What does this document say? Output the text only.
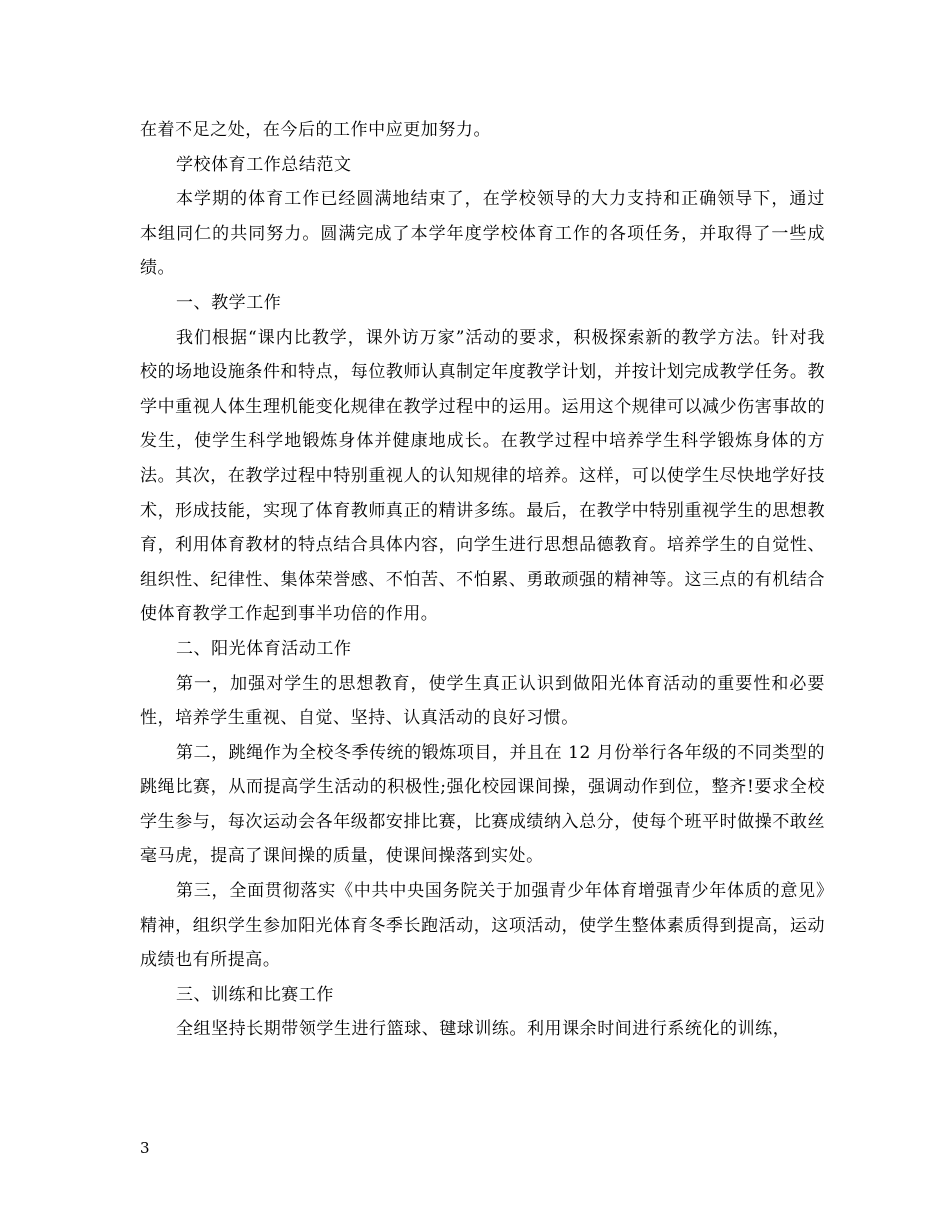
在着不足之处，在今后的工作中应更加努力。

学校体育工作总结范文

本学期的体育工作已经圆满地结束了，在学校领导的大力支持和正确领导下，通过本组同仁的共同努力。圆满完成了本学年度学校体育工作的各项任务，并取得了一些成绩。

一、教学工作

我们根据“课内比教学，课外访万家”活动的要求，积极探索新的教学方法。针对我校的场地设施条件和特点，每位教师认真制定年度教学计划，并按计划完成教学任务。教学中重视人体生理机能变化规律在教学过程中的运用。运用这个规律可以减少伤害事故的发生，使学生科学地锻炼身体并健康地成长。在教学过程中培养学生科学锻炼身体的方法。其次，在教学过程中特别重视人的认知规律的培养。这样，可以使学生尽快地学好技术，形成技能，实现了体育教师真正的精讲多练。最后，在教学中特别重视学生的思想教育，利用体育教材的特点结合具体内容，向学生进行思想品德教育。培养学生的自觉性、组织性、纪律性、集体荣誉感、不怕苦、不怕累、勇敢顽强的精神等。这三点的有机结合使体育教学工作起到事半功倍的作用。

二、阳光体育活动工作

第一，加强对学生的思想教育，使学生真正认识到做阳光体育活动的重要性和必要性，培养学生重视、自觉、坚持、认真活动的良好习惯。

第二，跳绳作为全校冬季传统的锻炼项目，并且在 12 月份举行各年级的不同类型的跳绳比赛，从而提高学生活动的积极性;强化校园课间操，强调动作到位，整齐!要求全校学生参与，每次运动会各年级都安排比赛，比赛成绩纳入总分，使每个班平时做操不敢丝毫马虎，提高了课间操的质量，使课间操落到实处。

第三，全面贯彻落实《中共中央国务院关于加强青少年体育增强青少年体质的意见》精神，组织学生参加阳光体育冬季长跑活动，这项活动，使学生整体素质得到提高，运动成绩也有所提高。

三、训练和比赛工作

全组坚持长期带领学生进行篮球、毽球训练。利用课余时间进行系统化的训练，

3
